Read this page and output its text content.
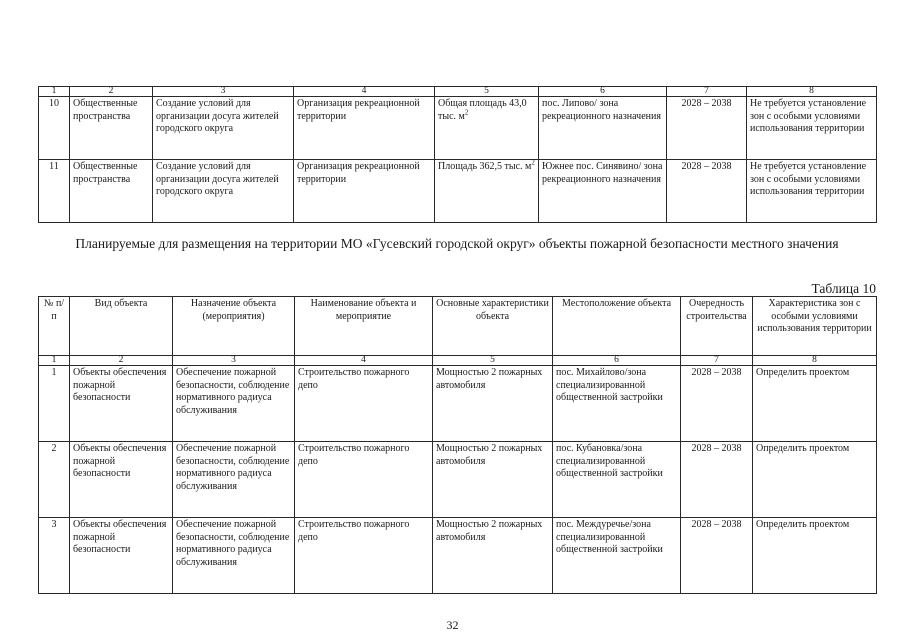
1	2	3	4	5	6	7	8
10	Общественные пространства	Создание условий для организации досуга жителей городского округа	Организация рекреационной территории	Общая площадь 43,0 тыс. $м^2$	пос. Липово/ зона рекреационного назначения	2028 – 2038	Не требуется установление зон с особыми условиями использования территории
11	Общественные пространства	Создание условий для организации досуга жителей городского округа	Организация рекреационной территории	Площадь 362,5 тыс. $м^2$	Южнее пос. Синявино/ зона рекреационного назначения	2028 – 2038	Не требуется установление зон с особыми условиями использования территории
Планируемые для размещения на территории МО «Гусевский городской округ» объекты пожарной безопасности местного значения
Таблица 10
№ п/п	Вид объекта	Назначение объекта (мероприятия)	Наименование объекта и мероприятие	Основные характеристики объекта	Местоположение объекта	Очередность строительства	Характеристика зон с особыми условиями использования территории
1	2	3	4	5	6	7	8
1	Объекты обеспечения пожарной безопасности	Обеспечение пожарной безопасности, соблюдение нормативного радиуса обслуживания	Строительство пожарного депо	Мощностью 2 пожарных автомобиля	пос. Михайлово/зона специализированной общественной застройки	2028 – 2038	Определить проектом
2	Объекты обеспечения пожарной безопасности	Обеспечение пожарной безопасности, соблюдение нормативного радиуса обслуживания	Строительство пожарного депо	Мощностью 2 пожарных автомобиля	пос. Кубановка/зона специализированной общественной застройки	2028 – 2038	Определить проектом
3	Объекты обеспечения пожарной безопасности	Обеспечение пожарной безопасности, соблюдение нормативного радиуса обслуживания	Строительство пожарного депо	Мощностью 2 пожарных автомобиля	пос. Междуречье/зона специализированной общественной застройки	2028 – 2038	Определить проектом
32
